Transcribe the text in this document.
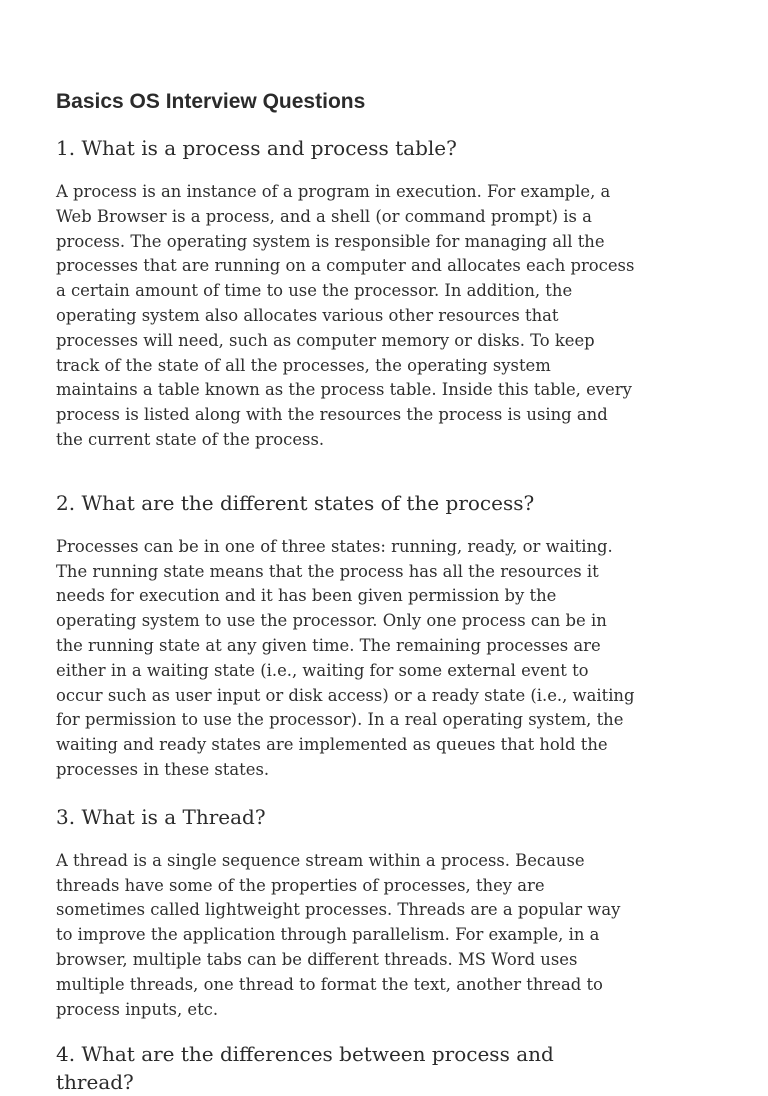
Basics OS Interview Questions
1. What is a process and process table?

A process is an instance of a program in execution. For example, a Web Browser is a process, and a shell (or command prompt) is a process. The operating system is responsible for managing all the processes that are running on a computer and allocates each process a certain amount of time to use the processor. In addition, the operating system also allocates various other resources that processes will need, such as computer memory or disks. To keep track of the state of all the processes, the operating system maintains a table known as the process table. Inside this table, every process is listed along with the resources the process is using and the current state of the process.

2. What are the different states of the process?

Processes can be in one of three states: running, ready, or waiting. The running state means that the process has all the resources it needs for execution and it has been given permission by the operating system to use the processor. Only one process can be in the running state at any given time. The remaining processes are either in a waiting state (i.e., waiting for some external event to occur such as user input or disk access) or a ready state (i.e., waiting for permission to use the processor). In a real operating system, the waiting and ready states are implemented as queues that hold the processes in these states.

3. What is a Thread?

A thread is a single sequence stream within a process. Because threads have some of the properties of processes, they are sometimes called lightweight processes. Threads are a popular way to improve the application through parallelism. For example, in a browser, multiple tabs can be different threads. MS Word uses multiple threads, one thread to format the text, another thread to process inputs, etc.

4. What are the differences between process and thread?
